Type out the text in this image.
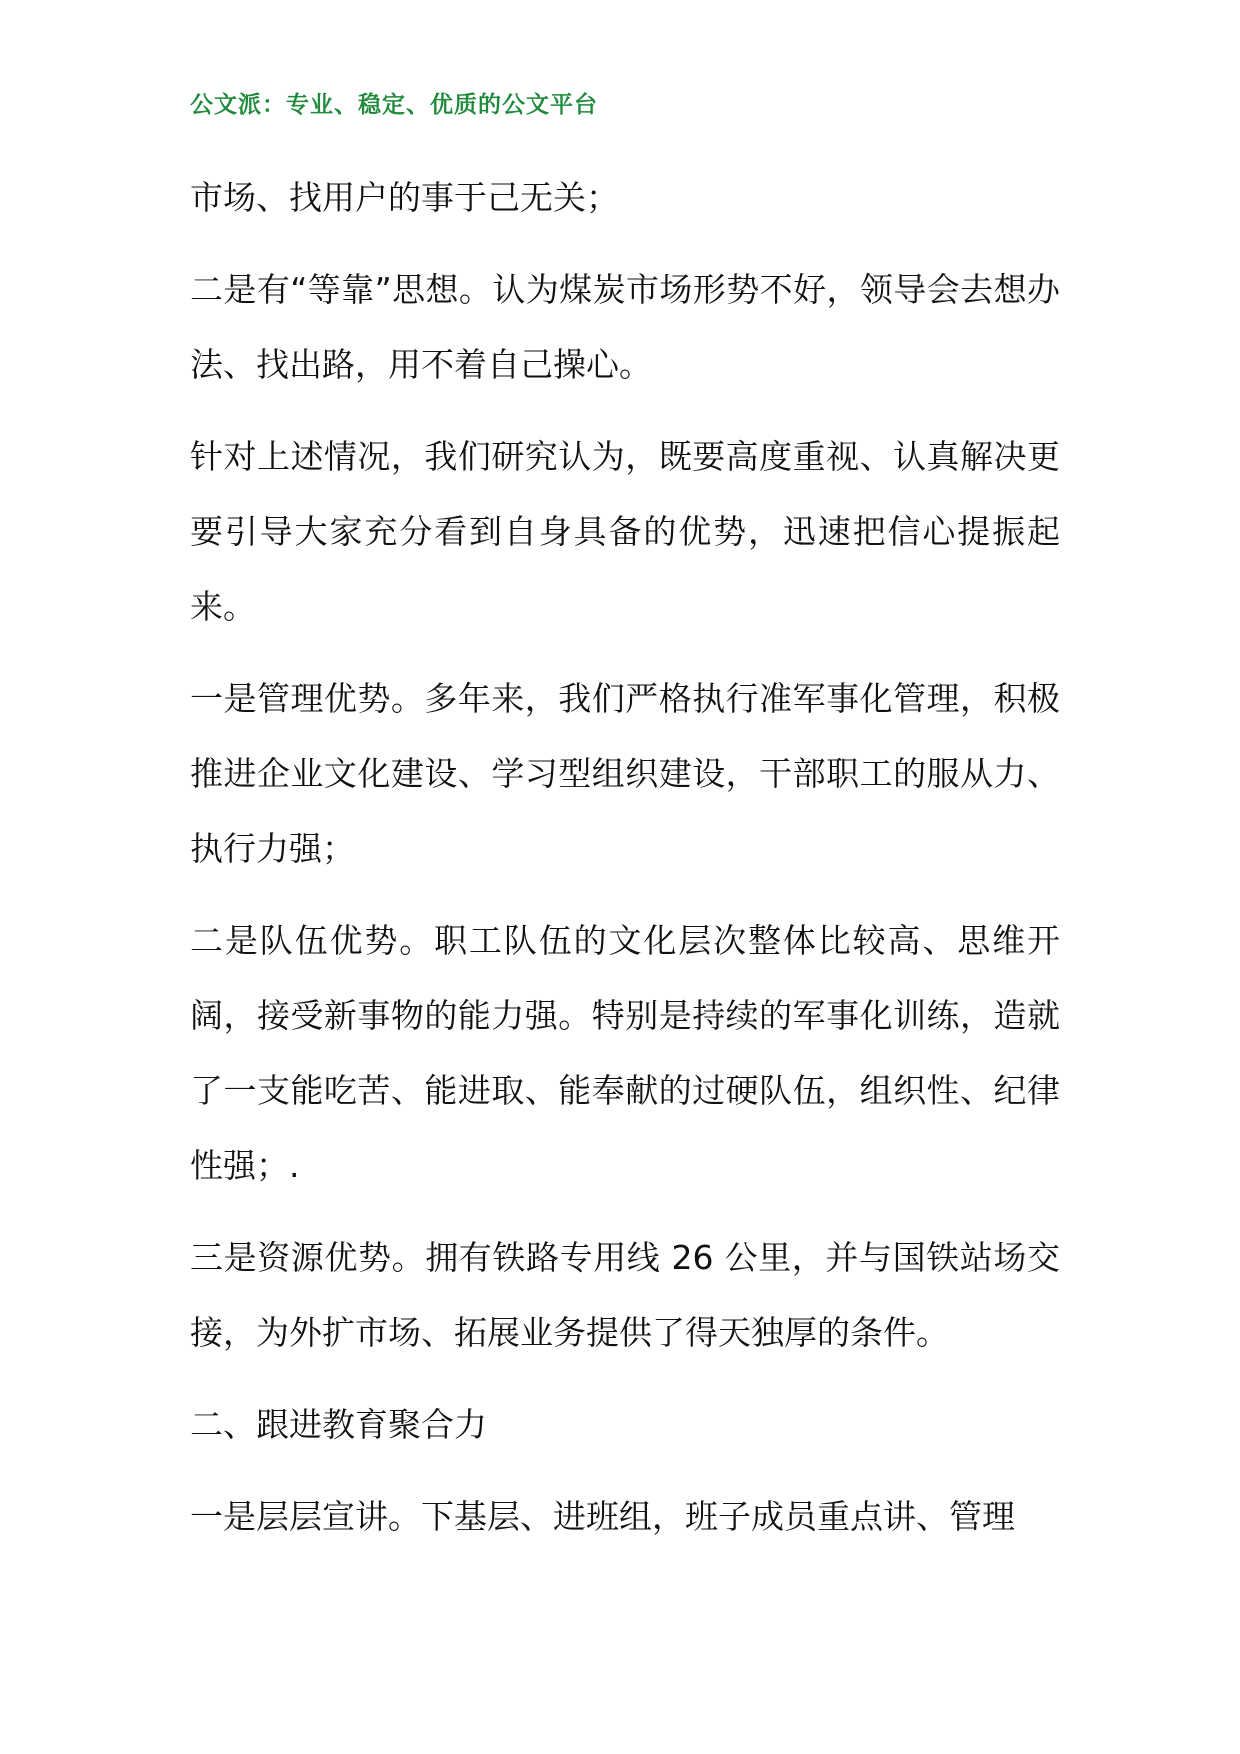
公文派：专业、稳定、优质的公文平台

市场、找用户的事于己无关；

二是有“等靠”思想。认为煤炭市场形势不好，领导会去想办法、找出路，用不着自己操心。

针对上述情况，我们研究认为，既要高度重视、认真解决更要引导大家充分看到自身具备的优势，迅速把信心提振起来。

一是管理优势。多年来，我们严格执行准军事化管理，积极推进企业文化建设、学习型组织建设，干部职工的服从力、执行力强；

二是队伍优势。职工队伍的文化层次整体比较高、思维开阔，接受新事物的能力强。特别是持续的军事化训练，造就了一支能吃苦、能进取、能奉献的过硬队伍，组织性、纪律性强；.

三是资源优势。拥有铁路专用线 26 公里，并与国铁站场交接，为外扩市场、拓展业务提供了得天独厚的条件。

二、跟进教育聚合力

一是层层宣讲。下基层、进班组，班子成员重点讲、管理
